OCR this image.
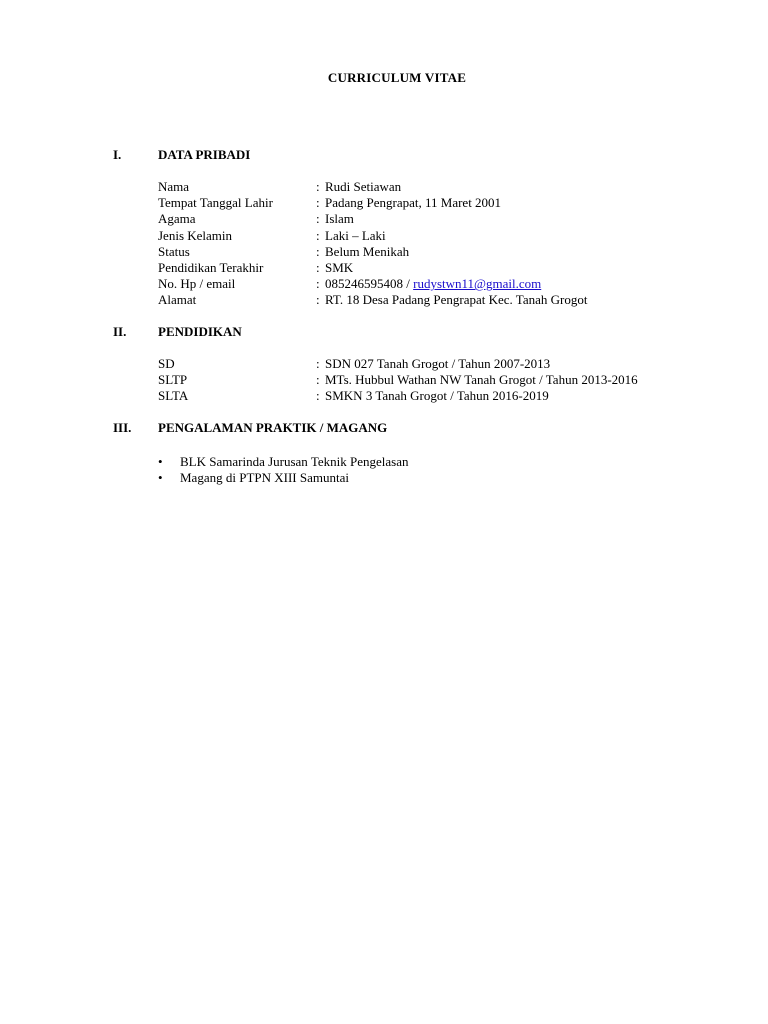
CURRICULUM VITAE
I.	DATA PRIBADI
Nama	: Rudi Setiawan
Tempat Tanggal Lahir	: Padang Pengrapat, 11 Maret 2001
Agama	: Islam
Jenis Kelamin	: Laki – Laki
Status	: Belum Menikah
Pendidikan Terakhir	: SMK
No. Hp / email	: 085246595408 / rudystwn11@gmail.com
Alamat	: RT. 18 Desa Padang Pengrapat Kec. Tanah Grogot
II. PENDIDIKAN
SD	: SDN 027 Tanah Grogot / Tahun 2007-2013
SLTP	: MTs. Hubbul Wathan NW Tanah Grogot / Tahun 2013-2016
SLTA	: SMKN 3 Tanah Grogot / Tahun 2016-2019
III. PENGALAMAN PRAKTIK / MAGANG
•	BLK Samarinda Jurusan Teknik Pengelasan
•	Magang di PTPN XIII Samuntai
